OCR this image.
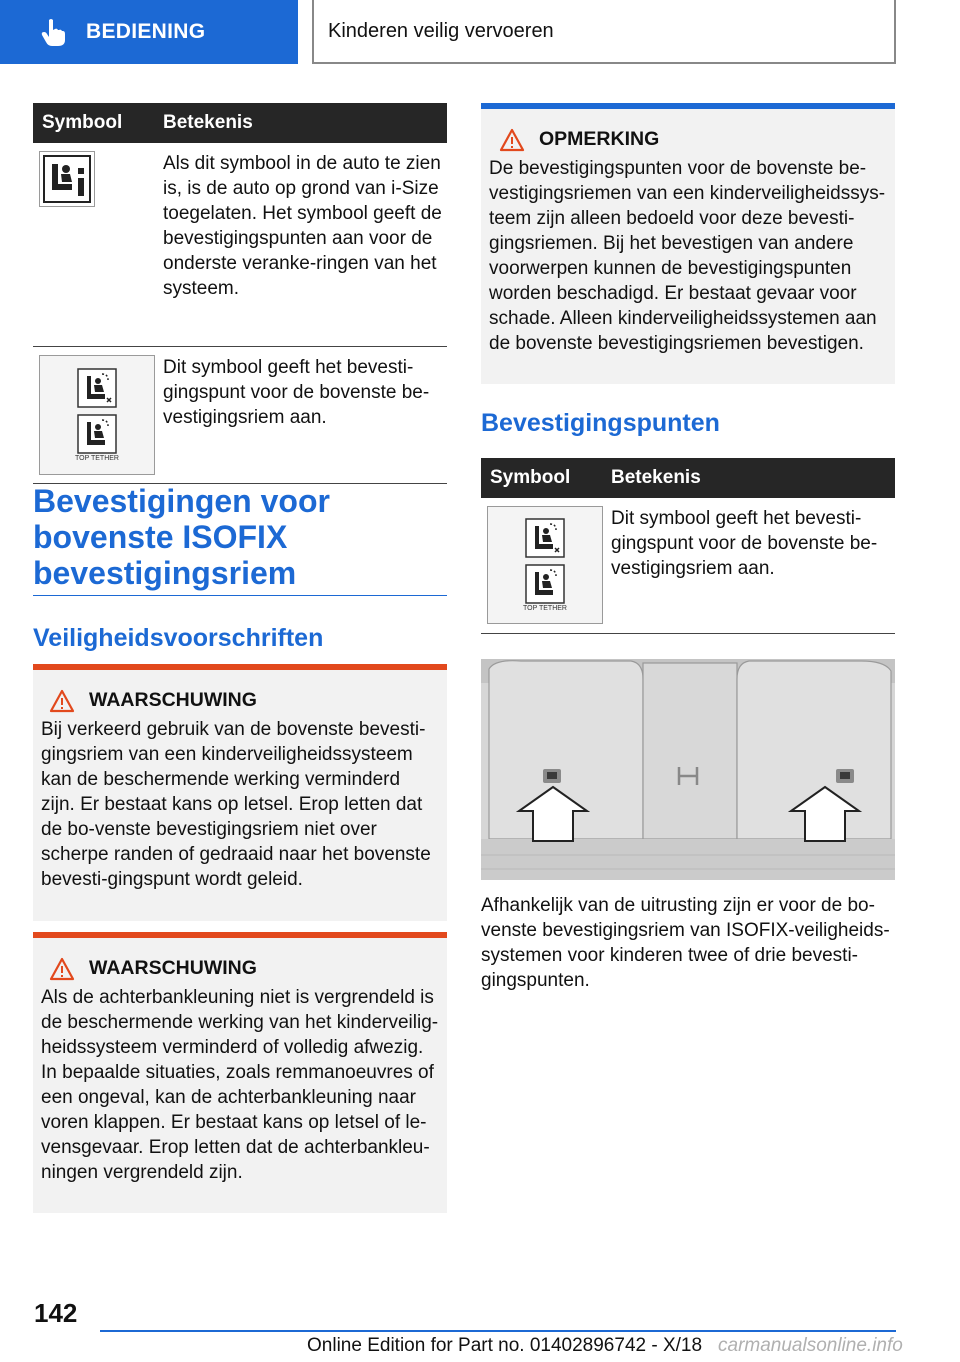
BEDIENING	Kinderen veilig vervoeren
Symbool	Betekenis
Als dit symbool in de auto te zien is, is de auto op grond van i-Size toegelaten. Het symbool geeft de bevestigingspunten aan voor de onderste veranke-ringen van het systeem.
TOP TETHER
Dit symbool geeft het bevesti-gingspunt voor de bovenste be-vestigingsriem aan.
Bevestigingen voor bovenste ISOFIX bevestigingsriem
Veiligheidsvoorschriften
WAARSCHUWING
Bij verkeerd gebruik van de bovenste bevesti-gingsriem van een kinderveiligheidssysteem kan de beschermende werking verminderd zijn. Er bestaat kans op letsel. Erop letten dat de bo-venste bevestigingsriem niet over scherpe randen of gedraaid naar het bovenste bevesti-gingspunt wordt geleid.
WAARSCHUWING
Als de achterbankleuning niet is vergrendeld is de beschermende werking van het kinderveilig-heidssysteem verminderd of volledig afwezig. In bepaalde situaties, zoals remmanoeuvres of een ongeval, kan de achterbankleuning naar voren klappen. Er bestaat kans op letsel of le-vensgevaar. Erop letten dat de achterbankleu-ningen vergrendeld zijn.
OPMERKING
De bevestigingspunten voor de bovenste be-vestigingsriemen van een kinderveiligheidssys-teem zijn alleen bedoeld voor deze bevesti-gingsriemen. Bij het bevestigen van andere voorwerpen kunnen de bevestigingspunten worden beschadigd. Er bestaat gevaar voor schade. Alleen kinderveiligheidssystemen aan de bovenste bevestigingsriemen bevestigen.
Bevestigingspunten
Symbool	Betekenis
TOP TETHER
Dit symbool geeft het bevesti-gingspunt voor de bovenste be-vestigingsriem aan.
Afhankelijk van de uitrusting zijn er voor de bo-venste bevestigingsriem van ISOFIX-veiligheids-systemen voor kinderen twee of drie bevesti-gingspunten.
142
Online Edition for Part no. 01402896742 - X/18 carmanualsonline.info
